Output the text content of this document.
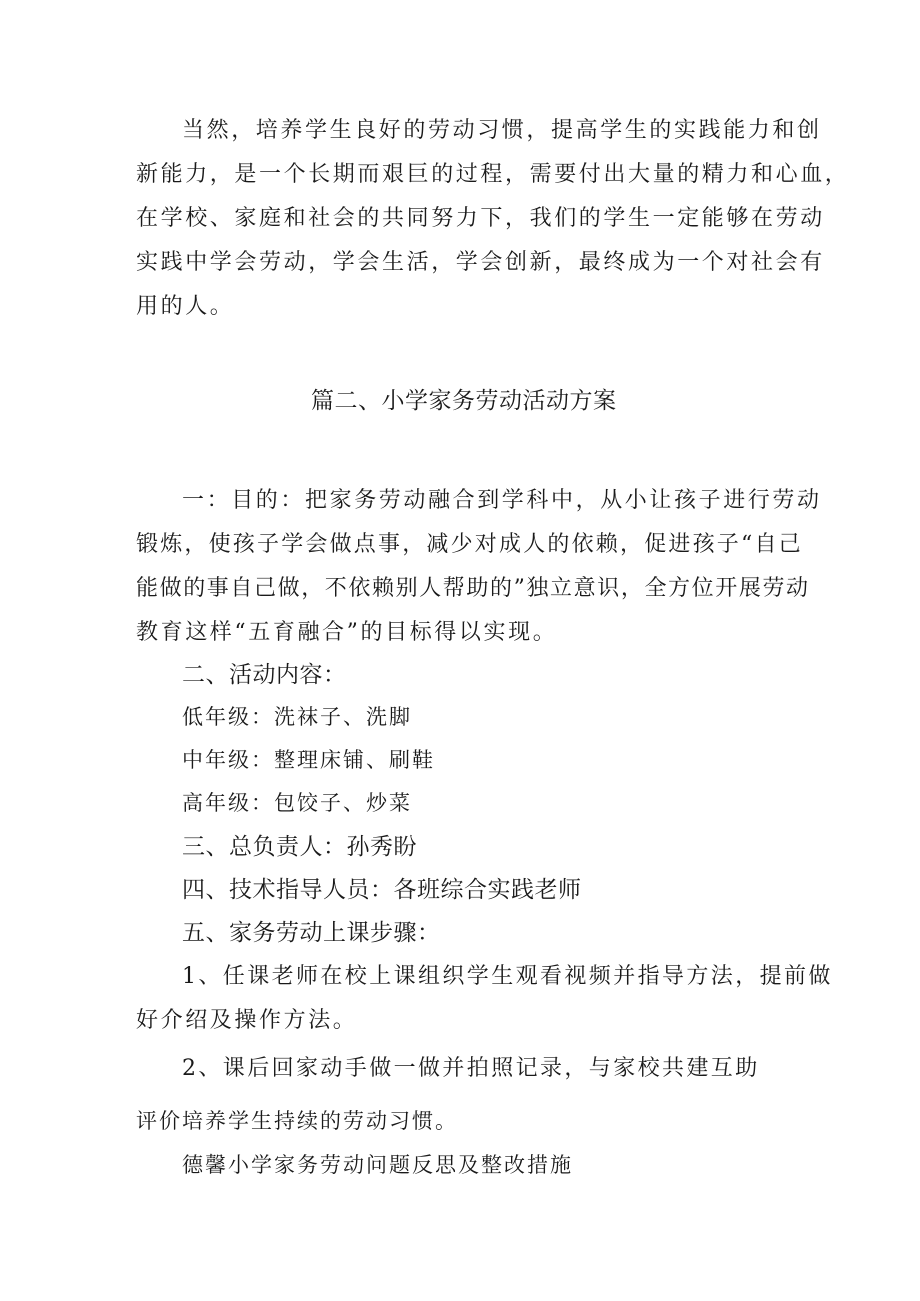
当然，培养学生良好的劳动习惯，提高学生的实践能力和创
新能力，是一个长期而艰巨的过程，需要付出大量的精力和心血，
在学校、家庭和社会的共同努力下，我们的学生一定能够在劳动
实践中学会劳动，学会生活，学会创新，最终成为一个对社会有
用的人。
篇二、小学家务劳动活动方案
一：目的：把家务劳动融合到学科中，从小让孩子进行劳动
锻炼，使孩子学会做点事，减少对成人的依赖，促进孩子“自己
能做的事自己做，不依赖别人帮助的”独立意识，全方位开展劳动
教育这样“五育融合”的目标得以实现。
二、活动内容：
低年级：洗袜子、洗脚
中年级：整理床铺、刷鞋
高年级：包饺子、炒菜
三、总负责人：孙秀盼
四、技术指导人员：各班综合实践老师
五、家务劳动上课步骤：
1、任课老师在校上课组织学生观看视频并指导方法，提前做
好介绍及操作方法。
2、课后回家动手做一做并拍照记录，与家校共建互助
评价培养学生持续的劳动习惯。
德馨小学家务劳动问题反思及整改措施
